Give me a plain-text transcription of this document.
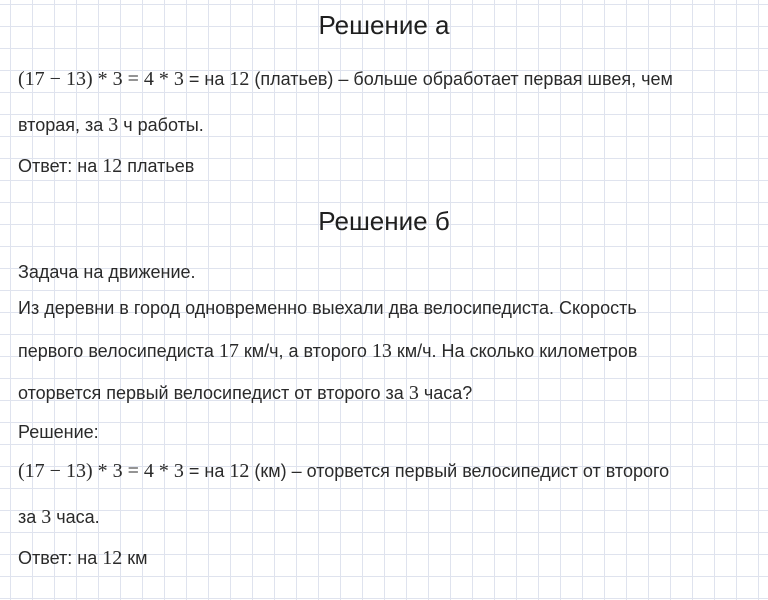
Решение а

(17 − 13) * 3 = 4 * 3 = на 12 (платьев) – больше обработает первая швея, чем

вторая, за 3 ч работы.

Ответ: на 12 платьев

Решение б

Задача на движение.

Из деревни в город одновременно выехали два велосипедиста. Скорость

первого велосипедиста 17 км/ч, а второго 13 км/ч. На сколько километров

оторвется первый велосипедист от второго за 3 часа?

Решение:

(17 − 13) * 3 = 4 * 3 = на 12 (км) – оторвется первый велосипедист от второго

за 3 часа.

Ответ: на 12 км
